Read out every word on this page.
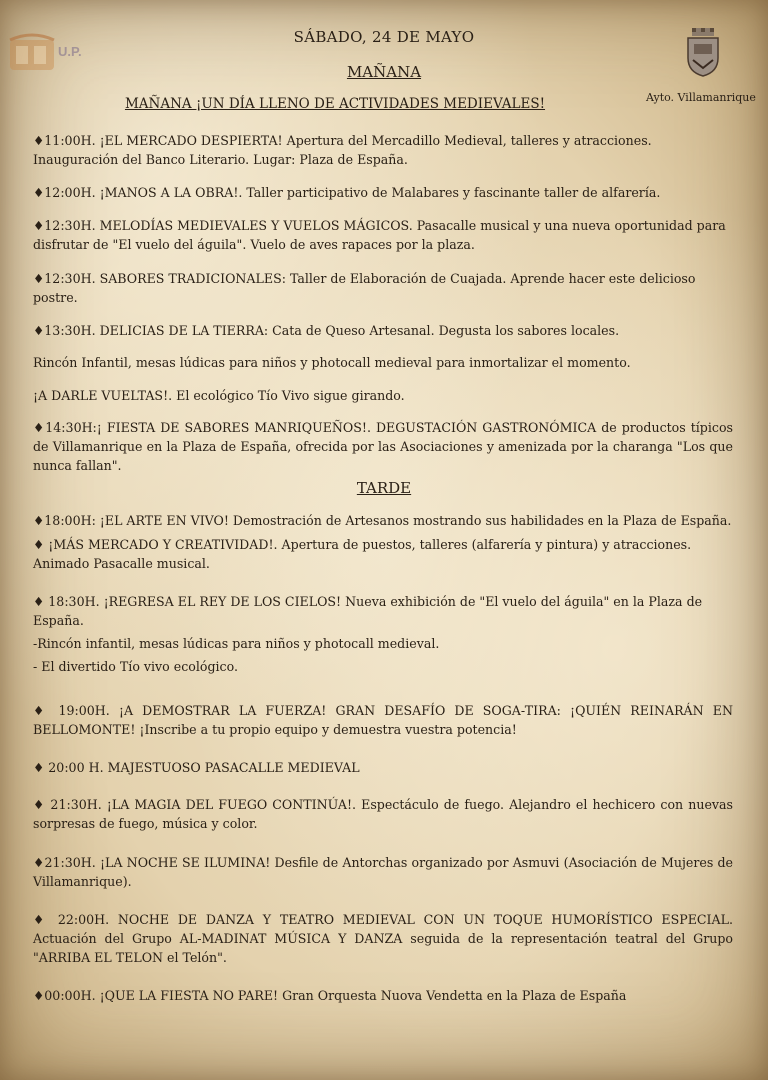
U.P.
SÁBADO, 24 DE MAYO
MAÑANA
Ayto. Villamanrique
MAÑANA ¡UN DÍA LLENO DE ACTIVIDADES MEDIEVALES!
♦11:00H. ¡EL MERCADO DESPIERTA! Apertura del Mercadillo Medieval, talleres y atracciones. Inauguración del Banco Literario. Lugar: Plaza de España.
♦12:00H. ¡MANOS A LA OBRA!. Taller participativo de Malabares y fascinante taller de alfarería.
♦12:30H. MELODÍAS MEDIEVALES Y VUELOS MÁGICOS. Pasacalle musical y una nueva oportunidad para disfrutar de "El vuelo del águila". Vuelo de aves rapaces por la plaza.
♦12:30H. SABORES TRADICIONALES: Taller de Elaboración de Cuajada. Aprende hacer este delicioso postre.
♦13:30H. DELICIAS DE LA TIERRA: Cata de Queso Artesanal. Degusta los sabores locales.
Rincón Infantil, mesas lúdicas para niños y photocall medieval para inmortalizar el momento.
¡A DARLE VUELTAS!. El ecológico Tío Vivo sigue girando.
♦14:30H:¡ FIESTA DE SABORES MANRIQUEÑOS!. DEGUSTACIÓN GASTRONÓMICA de productos típicos de Villamanrique en la Plaza de España, ofrecida por las Asociaciones y amenizada por la charanga "Los que nunca fallan".
TARDE
♦18:00H: ¡EL ARTE EN VIVO! Demostración de Artesanos mostrando sus habilidades en la Plaza de España.
♦ ¡MÁS MERCADO Y CREATIVIDAD!. Apertura de puestos, talleres (alfarería y pintura) y atracciones. Animado Pasacalle musical.
♦ 18:30H. ¡REGRESA EL REY DE LOS CIELOS! Nueva exhibición de "El vuelo del águila" en la Plaza de España.
-Rincón infantil, mesas lúdicas para niños y photocall medieval.
- El divertido Tío vivo ecológico.
♦ 19:00H. ¡A DEMOSTRAR LA FUERZA! GRAN DESAFÍO DE SOGA-TIRA: ¡QUIÉN REINARÁN EN BELLOMONTE! ¡Inscribe a tu propio equipo y demuestra vuestra potencia!
♦ 20:00 H. MAJESTUOSO PASACALLE MEDIEVAL
♦ 21:30H. ¡LA MAGIA DEL FUEGO CONTINÚA!. Espectáculo de fuego. Alejandro el hechicero con nuevas sorpresas de fuego, música y color.
♦21:30H. ¡LA NOCHE SE ILUMINA! Desfile de Antorchas organizado por Asmuvi (Asociación de Mujeres de Villamanrique).
♦ 22:00H. NOCHE DE DANZA Y TEATRO MEDIEVAL CON UN TOQUE HUMORÍSTICO ESPECIAL. Actuación del Grupo AL-MADINAT MÚSICA Y DANZA seguida de la representación teatral del Grupo "ARRIBA EL TELON el Telón".
♦00:00H. ¡QUE LA FIESTA NO PARE! Gran Orquesta Nuova Vendetta en la Plaza de España
